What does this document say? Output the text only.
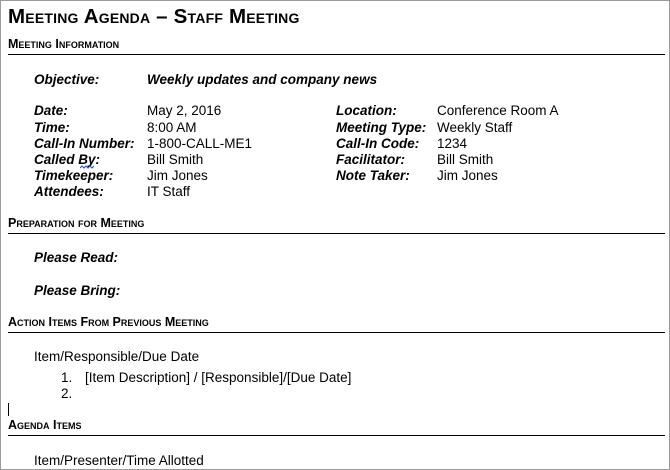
Meeting Agenda – Staff Meeting
Meeting Information
Objective:	Weekly updates and company news
Date:	May 2, 2016
Time:	8:00 AM
Call-In Number: 1-800-CALL-ME1
Called By:	Bill Smith
Timekeeper: Jim Jones
Attendees:	IT Staff
Location:	Conference Room A
Meeting Type: Weekly Staff
Call-In Code: 1234
Facilitator: Bill Smith
Note Taker: Jim Jones
Preparation for Meeting
Please Read:
Please Bring:
Action Items From Previous Meeting
Item/Responsible/Due Date
1. [Item Description] / [Responsible]/[Due Date]
2.
Agenda Items
Item/Presenter/Time Allotted
